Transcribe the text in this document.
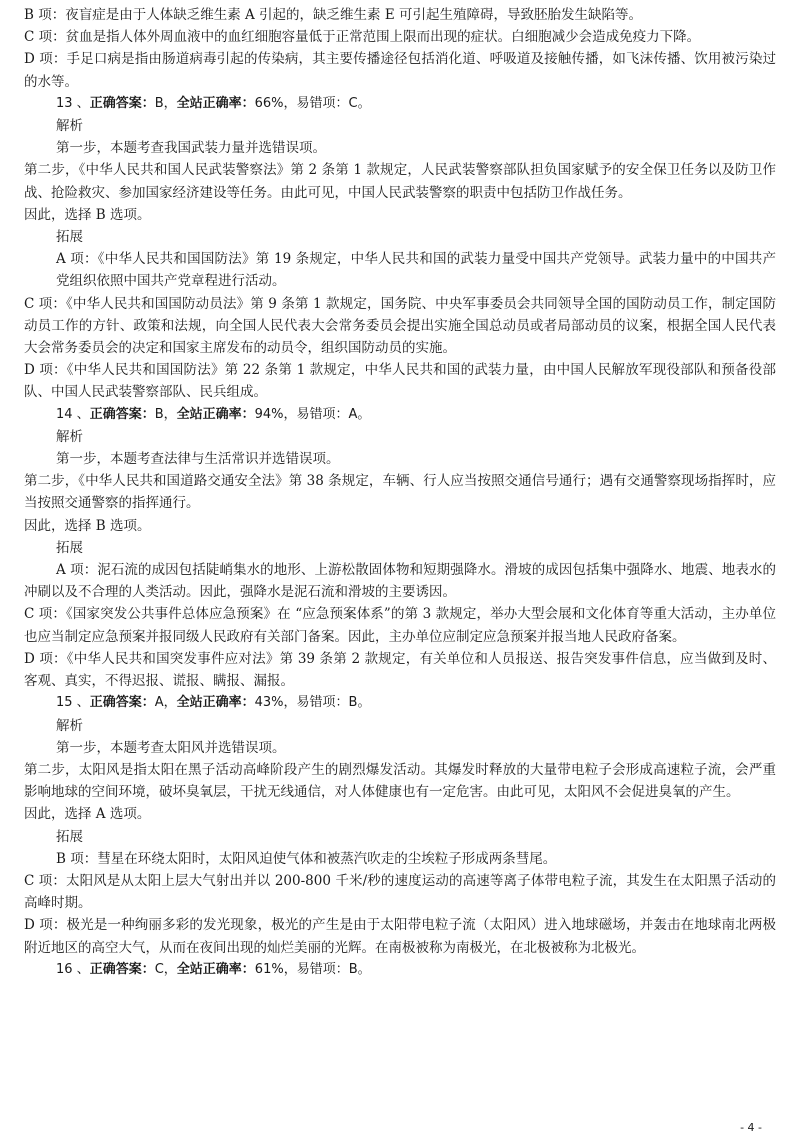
B 项：夜盲症是由于人体缺乏维生素 A 引起的，缺乏维生素 E 可引起生殖障碍，导致胚胎发生缺陷等。

C 项：贫血是指人体外周血液中的血红细胞容量低于正常范围上限而出现的症状。白细胞减少会造成免疫力下降。

D 项：手足口病是指由肠道病毒引起的传染病，其主要传播途径包括消化道、呼吸道及接触传播，如飞沫传播、饮用被污染过的水等。

13 、正确答案：B，全站正确率：66%，易错项：C。

解析

第一步，本题考查我国武装力量并选错误项。

第二步，《中华人民共和国人民武装警察法》第 2 条第 1 款规定，人民武装警察部队担负国家赋予的安全保卫任务以及防卫作战、抢险救灾、参加国家经济建设等任务。由此可见，中国人民武装警察的职责中包括防卫作战任务。

因此，选择 B 选项。

拓展

A 项：《中华人民共和国国防法》第 19 条规定，中华人民共和国的武装力量受中国共产党领导。武装力量中的中国共产党组织依照中国共产党章程进行活动。

C 项：《中华人民共和国国防动员法》第 9 条第 1 款规定，国务院、中央军事委员会共同领导全国的国防动员工作，制定国防动员工作的方针、政策和法规，向全国人民代表大会常务委员会提出实施全国总动员或者局部动员的议案，根据全国人民代表大会常务委员会的决定和国家主席发布的动员令，组织国防动员的实施。

D 项：《中华人民共和国国防法》第 22 条第 1 款规定，中华人民共和国的武装力量，由中国人民解放军现役部队和预备役部队、中国人民武装警察部队、民兵组成。

14 、正确答案：B，全站正确率：94%，易错项：A。

解析

第一步，本题考查法律与生活常识并选错误项。

第二步，《中华人民共和国道路交通安全法》第 38 条规定，车辆、行人应当按照交通信号通行；遇有交通警察现场指挥时，应当按照交通警察的指挥通行。

因此，选择 B 选项。

拓展

A 项：泥石流的成因包括陡峭集水的地形、上游松散固体物和短期强降水。滑坡的成因包括集中强降水、地震、地表水的冲刷以及不合理的人类活动。因此，强降水是泥石流和滑坡的主要诱因。

C 项：《国家突发公共事件总体应急预案》在 “应急预案体系”的第 3 款规定，举办大型会展和文化体育等重大活动，主办单位也应当制定应急预案并报同级人民政府有关部门备案。因此，主办单位应制定应急预案并报当地人民政府备案。

D 项：《中华人民共和国突发事件应对法》第 39 条第 2 款规定，有关单位和人员报送、报告突发事件信息，应当做到及时、客观、真实，不得迟报、谎报、瞒报、漏报。

15 、正确答案：A，全站正确率：43%，易错项：B。

解析

第一步，本题考查太阳风并选错误项。

第二步，太阳风是指太阳在黑子活动高峰阶段产生的剧烈爆发活动。其爆发时释放的大量带电粒子会形成高速粒子流，会严重影响地球的空间环境，破坏臭氧层，干扰无线通信，对人体健康也有一定危害。由此可见，太阳风不会促进臭氧的产生。

因此，选择 A 选项。

拓展

B 项：彗星在环绕太阳时，太阳风迫使气体和被蒸汽吹走的尘埃粒子形成两条彗尾。

C 项：太阳风是从太阳上层大气射出并以 200-800 千米/秒的速度运动的高速等离子体带电粒子流，其发生在太阳黑子活动的高峰时期。

D 项：极光是一种绚丽多彩的发光现象，极光的产生是由于太阳带电粒子流（太阳风）进入地球磁场，并轰击在地球南北两极附近地区的高空大气，从而在夜间出现的灿烂美丽的光辉。在南极被称为南极光，在北极被称为北极光。

16 、正确答案：C，全站正确率：61%，易错项：B。

- 4 -
